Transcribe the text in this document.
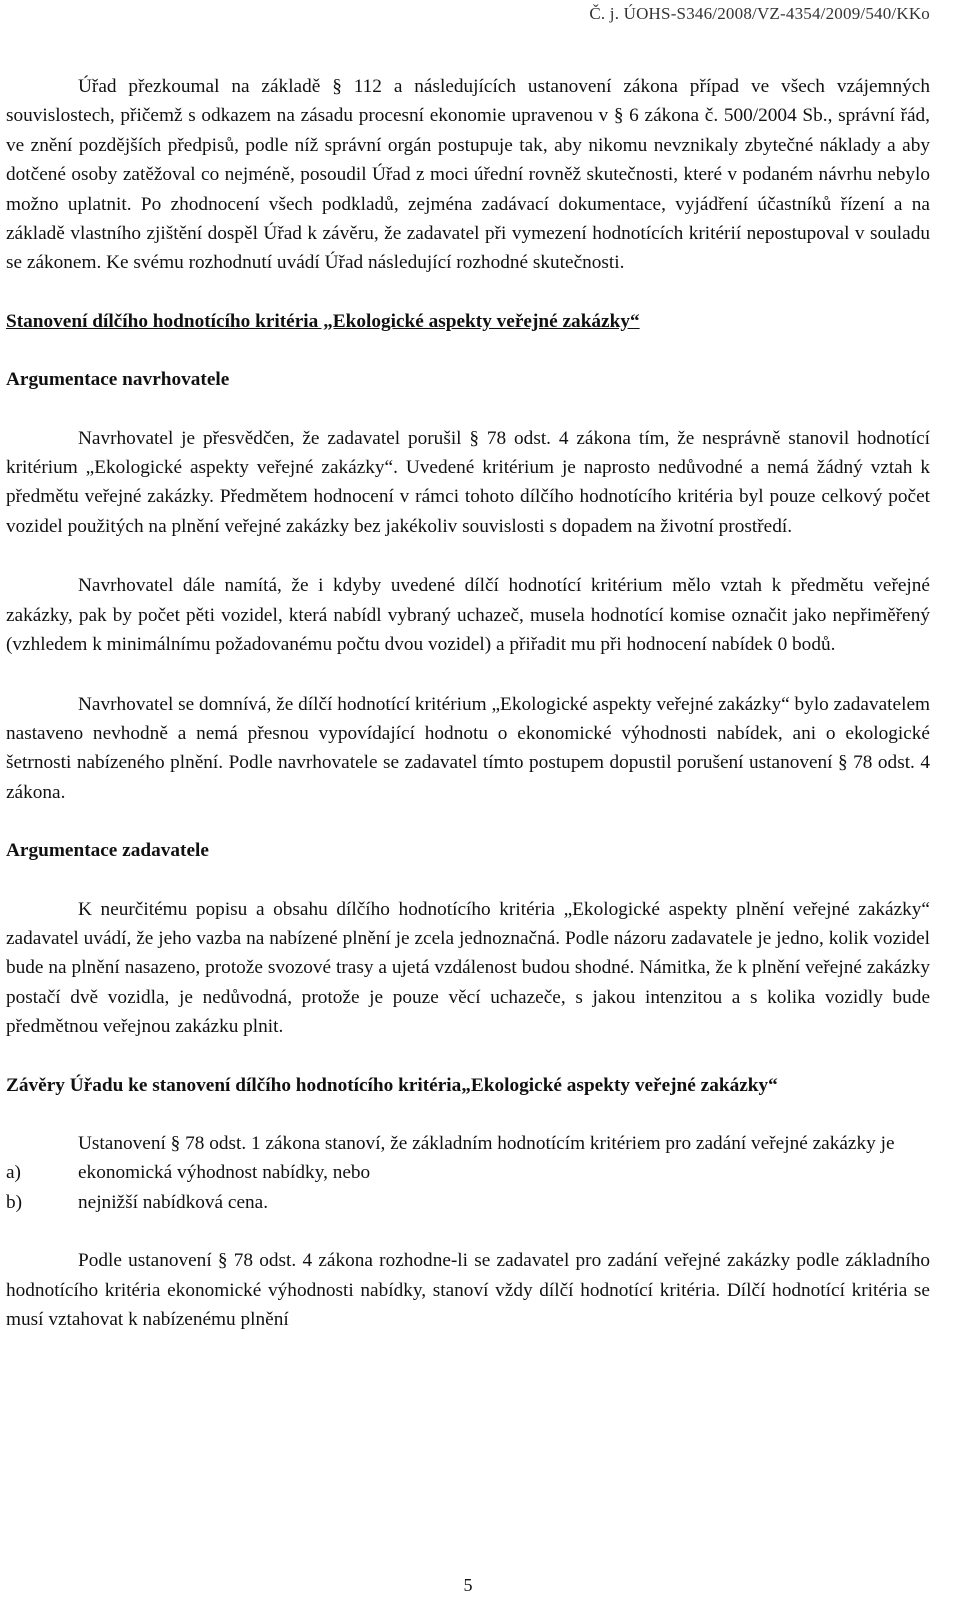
Č. j. ÚOHS-S346/2008/VZ-4354/2009/540/KKo

Úřad přezkoumal na základě § 112 a následujících ustanovení zákona případ ve všech vzájemných souvislostech, přičemž s odkazem na zásadu procesní ekonomie upravenou v § 6 zákona č. 500/2004 Sb., správní řád, ve znění pozdějších předpisů, podle níž správní orgán postupuje tak, aby nikomu nevznikaly zbytečné náklady a aby dotčené osoby zatěžoval co nejméně, posoudil Úřad z moci úřední rovněž skutečnosti, které v podaném návrhu nebylo možno uplatnit. Po zhodnocení všech podkladů, zejména zadávací dokumentace, vyjádření účastníků řízení a na základě vlastního zjištění dospěl Úřad k závěru, že zadavatel při vymezení hodnotících kritérií nepostupoval v souladu se zákonem. Ke svému rozhodnutí uvádí Úřad následující rozhodné skutečnosti.

Stanovení dílčího hodnotícího kritéria „Ekologické aspekty veřejné zakázky“

Argumentace navrhovatele

Navrhovatel je přesvědčen, že zadavatel porušil § 78 odst. 4 zákona tím, že nesprávně stanovil hodnotící kritérium „Ekologické aspekty veřejné zakázky“. Uvedené kritérium je naprosto nedůvodné a nemá žádný vztah k předmětu veřejné zakázky. Předmětem hodnocení v rámci tohoto dílčího hodnotícího kritéria byl pouze celkový počet vozidel použitých na plnění veřejné zakázky bez jakékoliv souvislosti s dopadem na životní prostředí.

Navrhovatel dále namítá, že i kdyby uvedené dílčí hodnotící kritérium mělo vztah k předmětu veřejné zakázky, pak by počet pěti vozidel, která nabídl vybraný uchazeč, musela hodnotící komise označit jako nepřiměřený (vzhledem k minimálnímu požadovanému počtu dvou vozidel) a přiřadit mu při hodnocení nabídek 0 bodů.

Navrhovatel se domnívá, že dílčí hodnotící kritérium „Ekologické aspekty veřejné zakázky“ bylo zadavatelem nastaveno nevhodně a nemá přesnou vypovídající hodnotu o ekonomické výhodnosti nabídek, ani o ekologické šetrnosti nabízeného plnění. Podle navrhovatele se zadavatel tímto postupem dopustil porušení ustanovení § 78 odst. 4 zákona.

Argumentace zadavatele

K neurčitému popisu a obsahu dílčího hodnotícího kritéria „Ekologické aspekty plnění veřejné zakázky“ zadavatel uvádí, že jeho vazba na nabízené plnění je zcela jednoznačná. Podle názoru zadavatele je jedno, kolik vozidel bude na plnění nasazeno, protože svozové trasy a ujetá vzdálenost budou shodné. Námitka, že k plnění veřejné zakázky postačí dvě vozidla, je nedůvodná, protože je pouze věcí uchazeče, s jakou intenzitou a s kolika vozidly bude předmětnou veřejnou zakázku plnit.

Závěry Úřadu ke stanovení dílčího hodnotícího kritéria„Ekologické aspekty veřejné zakázky“

Ustanovení § 78 odst. 1 zákona stanoví, že základním hodnotícím kritériem pro zadání veřejné zakázky je

a)	ekonomická výhodnost nabídky, nebo
b)	nejnižší nabídková cena.

Podle ustanovení § 78 odst. 4 zákona rozhodne-li se zadavatel pro zadání veřejné zakázky podle základního hodnotícího kritéria ekonomické výhodnosti nabídky, stanoví vždy dílčí hodnotící kritéria. Dílčí hodnotící kritéria se musí vztahovat k nabízenému plnění

5
